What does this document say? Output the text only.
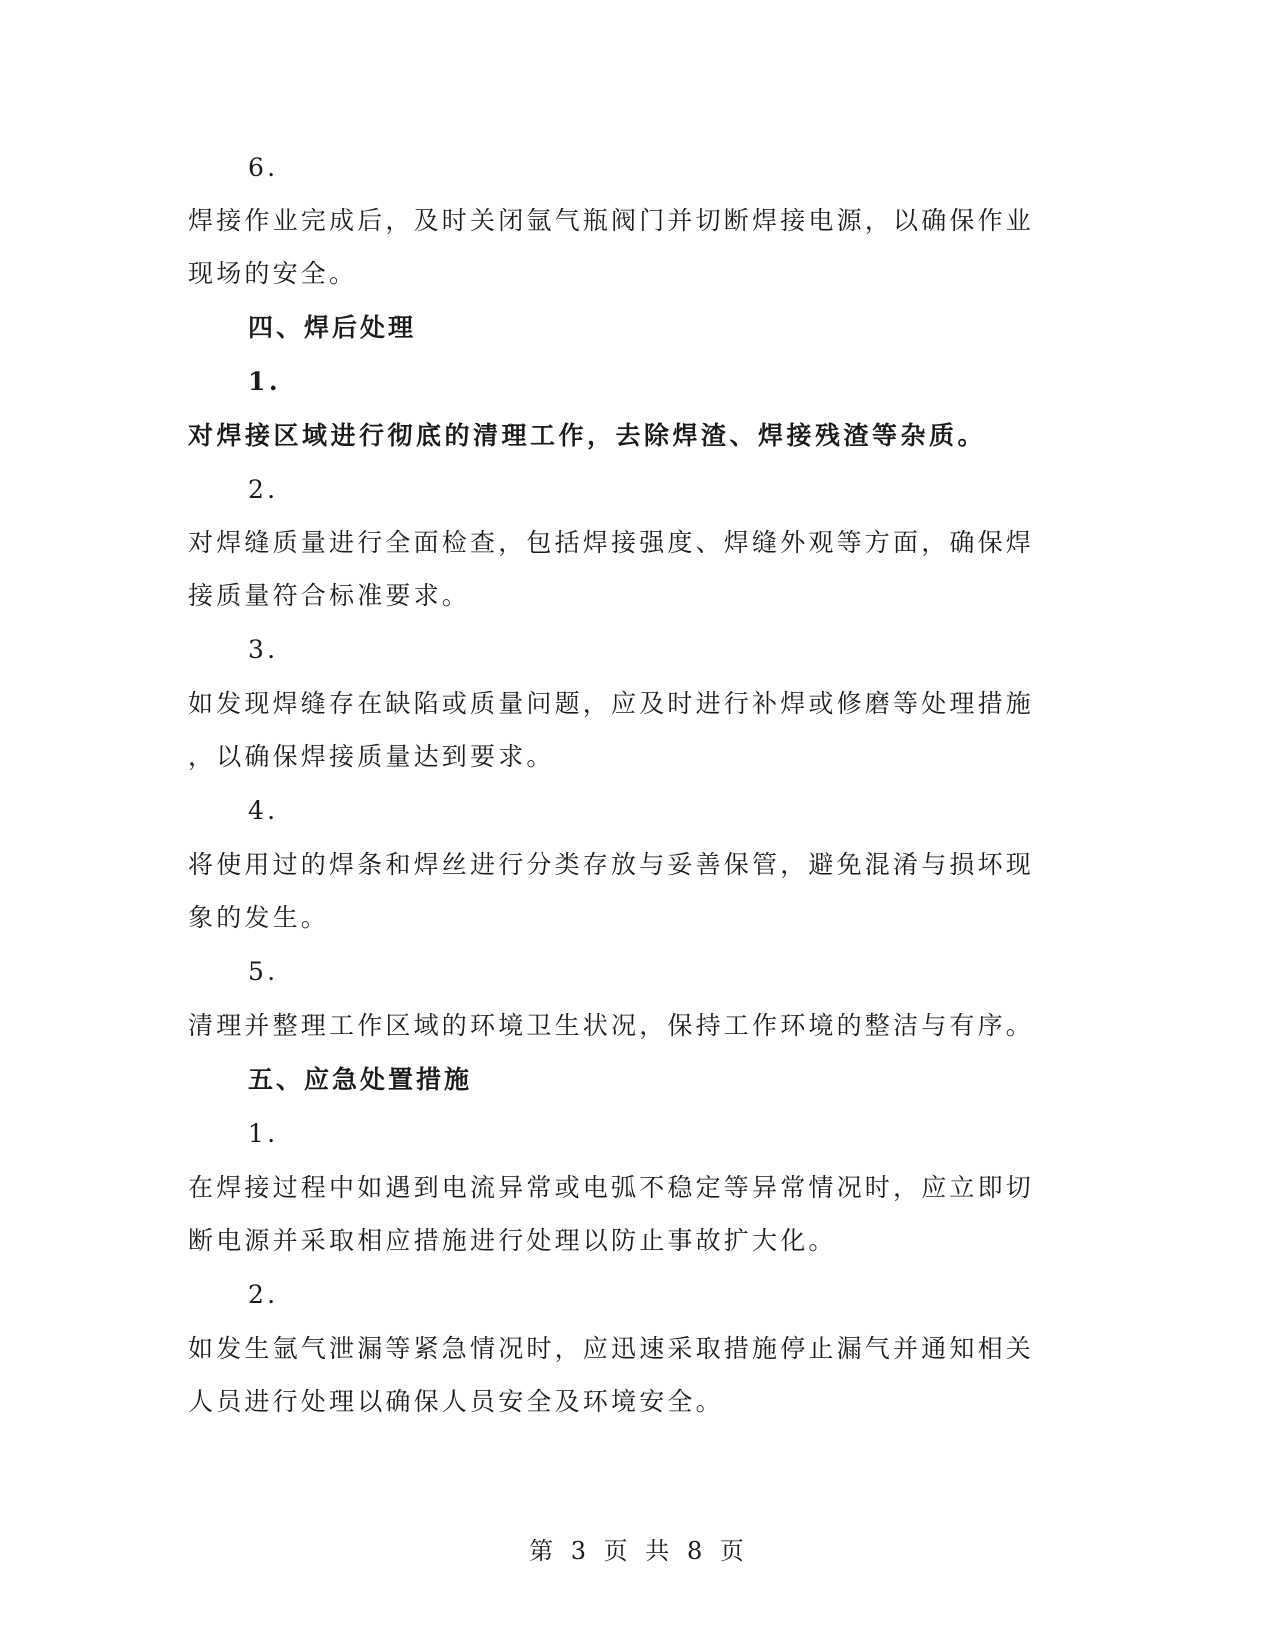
6.
焊接作业完成后，及时关闭氩气瓶阀门并切断焊接电源，以确保作业
现场的安全。
四、焊后处理
1.
对焊接区域进行彻底的清理工作，去除焊渣、焊接残渣等杂质。
2.
对焊缝质量进行全面检查，包括焊接强度、焊缝外观等方面，确保焊
接质量符合标准要求。
3.
如发现焊缝存在缺陷或质量问题，应及时进行补焊或修磨等处理措施
，以确保焊接质量达到要求。
4.
将使用过的焊条和焊丝进行分类存放与妥善保管，避免混淆与损坏现
象的发生。
5.
清理并整理工作区域的环境卫生状况，保持工作环境的整洁与有序。
五、应急处置措施
1.
在焊接过程中如遇到电流异常或电弧不稳定等异常情况时，应立即切
断电源并采取相应措施进行处理以防止事故扩大化。
2.
如发生氩气泄漏等紧急情况时，应迅速采取措施停止漏气并通知相关
人员进行处理以确保人员安全及环境安全。
第 3 页 共 8 页
